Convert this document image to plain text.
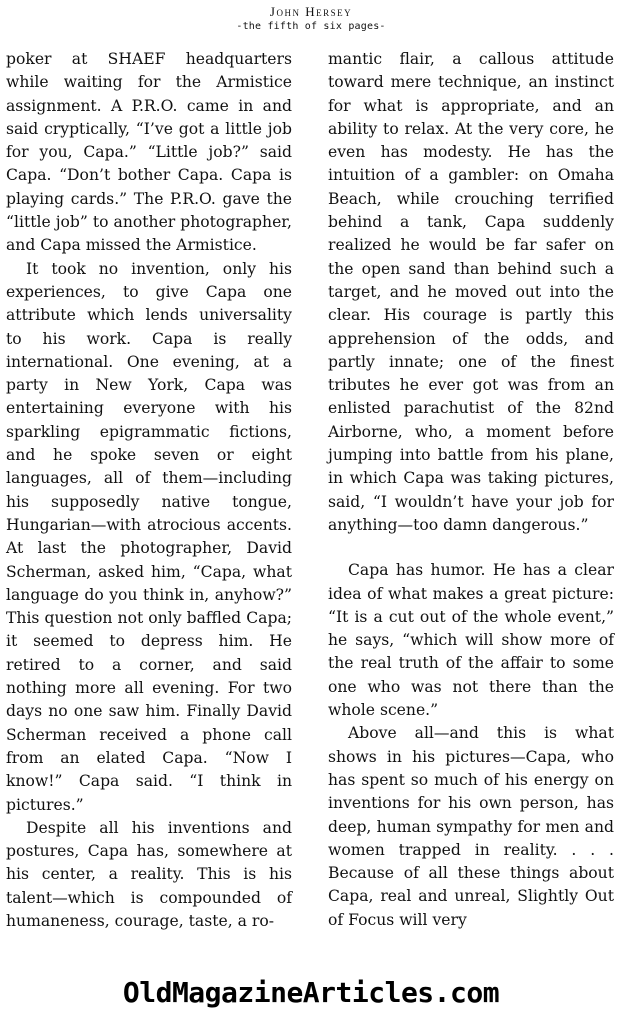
John Hersey
-the fifth of six pages-

poker at SHAEF headquarters while waiting for the Armistice assignment. A P.R.O. came in and said cryptically, “I’ve got a little job for you, Capa.” “Little job?” said Capa. “Don’t bother Capa. Capa is playing cards.” The P.R.O. gave the “little job” to another photographer, and Capa missed the Armistice.

It took no invention, only his experiences, to give Capa one attribute which lends universality to his work. Capa is really international. One evening, at a party in New York, Capa was entertaining everyone with his sparkling epigrammatic fictions, and he spoke seven or eight languages, all of them—including his supposedly native tongue, Hungarian—with atrocious accents. At last the photographer, David Scherman, asked him, “Capa, what language do you think in, anyhow?” This question not only baffled Capa; it seemed to depress him. He retired to a corner, and said nothing more all evening. For two days no one saw him. Finally David Scherman received a phone call from an elated Capa. “Now I know!” Capa said. “I think in pictures.”

Despite all his inventions and postures, Capa has, somewhere at his center, a reality. This is his talent—which is compounded of humaneness, courage, taste, a ro-

mantic flair, a callous attitude toward mere technique, an instinct for what is appropriate, and an ability to relax. At the very core, he even has modesty. He has the intuition of a gambler: on Omaha Beach, while crouching terrified behind a tank, Capa suddenly realized he would be far safer on the open sand than behind such a target, and he moved out into the clear. His courage is partly this apprehension of the odds, and partly innate; one of the finest tributes he ever got was from an enlisted parachutist of the 82nd Airborne, who, a moment before jumping into battle from his plane, in which Capa was taking pictures, said, “I wouldn’t have your job for anything—too damn dangerous.”

Capa has humor. He has a clear idea of what makes a great picture: “It is a cut out of the whole event,” he says, “which will show more of the real truth of the affair to some one who was not there than the whole scene.”

Above all—and this is what shows in his pictures—Capa, who has spent so much of his energy on inventions for his own person, has deep, human sympathy for men and women trapped in reality. . . . Because of all these things about Capa, real and unreal, Slightly Out of Focus will very

OldMagazineArticles.com
